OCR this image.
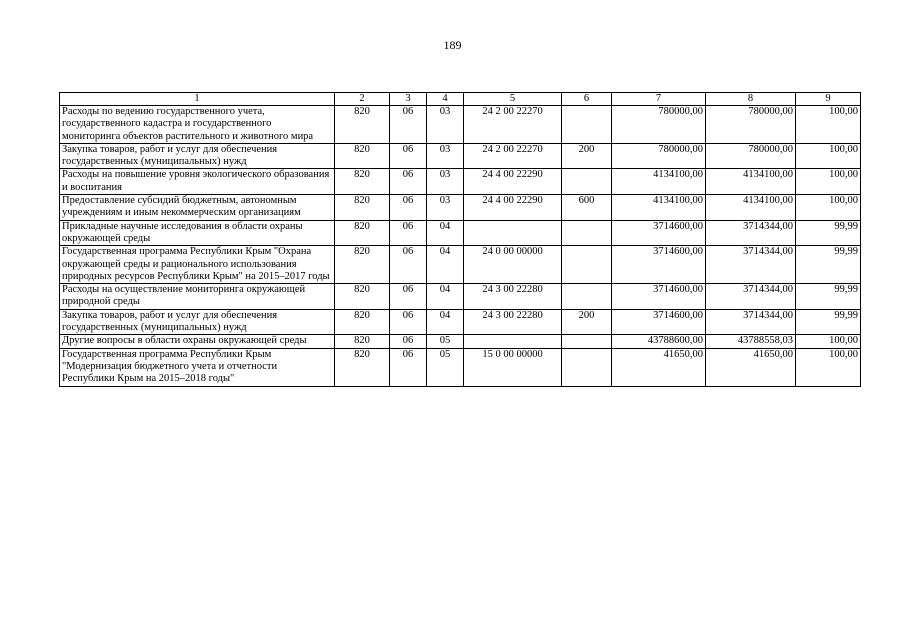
189
1	2	3	4	5	6	7	8	9
Расходы по ведению государственного учета, государственного кадастра и государственного мониторинга объектов растительного и животного мира	820	06	03	24 2 00 22270		780000,00	780000,00	100,00
Закупка товаров, работ и услуг для обеспечения государственных (муниципальных) нужд	820	06	03	24 2 00 22270	200	780000,00	780000,00	100,00
Расходы на повышение уровня экологического образования и воспитания	820	06	03	24 4 00 22290		4134100,00	4134100,00	100,00
Предоставление субсидий бюджетным, автономным учреждениям и иным некоммерческим организациям	820	06	03	24 4 00 22290	600	4134100,00	4134100,00	100,00
Прикладные научные исследования в области охраны окружающей среды	820	06	04			3714600,00	3714344,00	99,99
Государственная программа Республики Крым "Охрана окружающей среды и рационального использования природных ресурсов Республики Крым" на 2015–2017 годы	820	06	04	24 0 00 00000		3714600,00	3714344,00	99,99
Расходы на осуществление мониторинга окружающей природной среды	820	06	04	24 3 00 22280		3714600,00	3714344,00	99,99
Закупка товаров, работ и услуг для обеспечения государственных (муниципальных) нужд	820	06	04	24 3 00 22280	200	3714600,00	3714344,00	99,99
Другие вопросы в области охраны окружающей среды	820	06	05			43788600,00	43788558,03	100,00
Государственная программа Республики Крым "Модернизация бюджетного учета и отчетности Республики Крым на 2015–2018 годы"	820	06	05	15 0 00 00000		41650,00	41650,00	100,00
